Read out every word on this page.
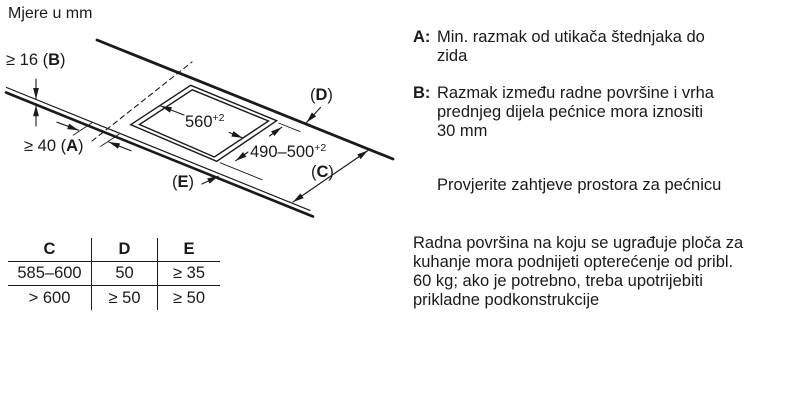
Mjere u mm
≥ 16 (B)
≥ 40 (A)
(D)
(C)
(E)
$560^{+2}$
$490-500^{+2}$
C	D	E
585–600	50	≥ 35
> 600	≥ 50	≥ 50
A: Min. razmak od utikača štednjaka do
zida
B: Razmak između radne površine i vrha
prednjeg dijela pećnice mora iznositi
30 mm
Provjerite zahtjeve prostora za pećnicu
Radna površina na koju se ugrađuje ploča za
kuhanje mora podnijeti opterećenje od pribl.
60 kg; ako je potrebno, treba upotrijebiti
prikladne podkonstrukcije
